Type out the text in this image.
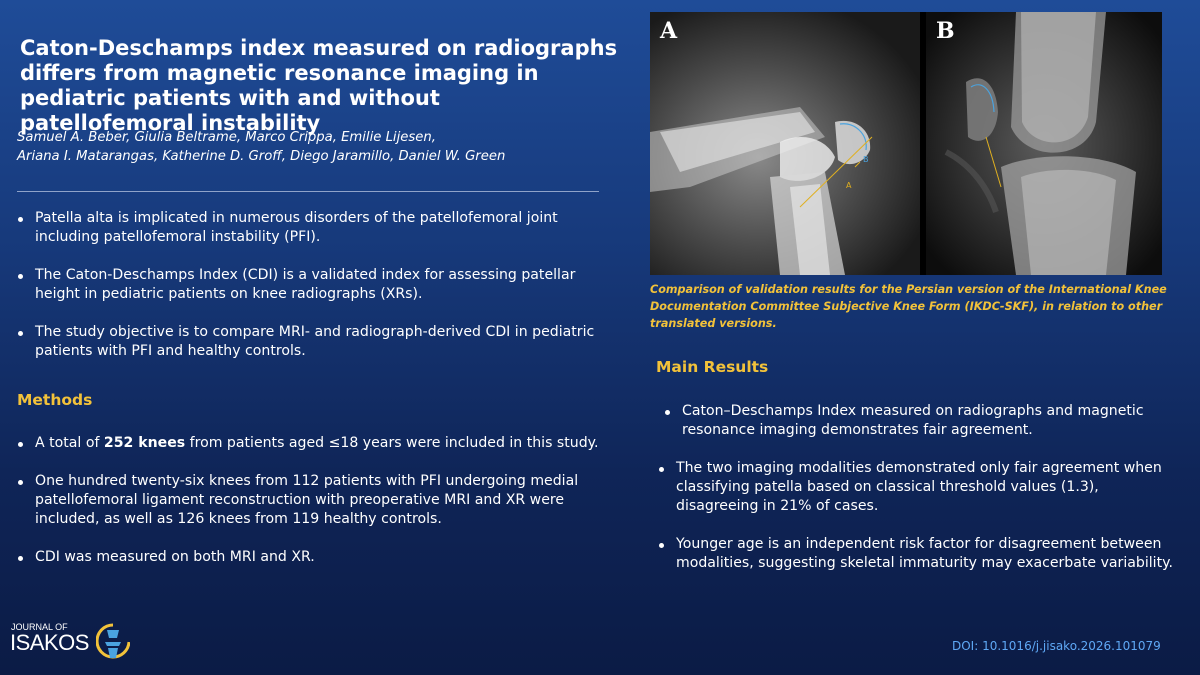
Caton-Deschamps index measured on radiographs differs from magnetic resonance imaging in pediatric patients with and without patellofemoral instability

Samuel A. Beber, Giulia Beltrame, Marco Crippa, Emilie Lijesen,
Ariana I. Matarangas, Katherine D. Groff, Diego Jaramillo, Daniel W. Green

Patella alta is implicated in numerous disorders of the patellofemoral joint including patellofemoral instability (PFI).
The Caton-Deschamps Index (CDI) is a validated index for assessing patellar height in pediatric patients on knee radiographs (XRs).
The study objective is to compare MRI- and radiograph-derived CDI in pediatric patients with PFI and healthy controls.
Methods
A total of 252 knees from patients aged ≤18 years were included in this study.
One hundred twenty-six knees from 112 patients with PFI undergoing medial patellofemoral ligament reconstruction with preoperative MRI and XR were included, as well as 126 knees from 119 healthy controls.
CDI was measured on both MRI and XR.
B
A
A	B

Comparison of validation results for the Persian version of the International Knee Documentation Committee Subjective Knee Form (IKDC-SKF), in relation to other translated versions.

Main Results
Caton–Deschamps Index measured on radiographs and magnetic resonance imaging demonstrates fair agreement.
The two imaging modalities demonstrated only fair agreement when classifying patella based on classical threshold values (1.3), disagreeing in 21% of cases.
Younger age is an independent risk factor for disagreement between modalities, suggesting skeletal immaturity may exacerbate variability.
JOURNAL OF
ISAKOS	DOI: 10.1016/j.jisako.2026.101079
